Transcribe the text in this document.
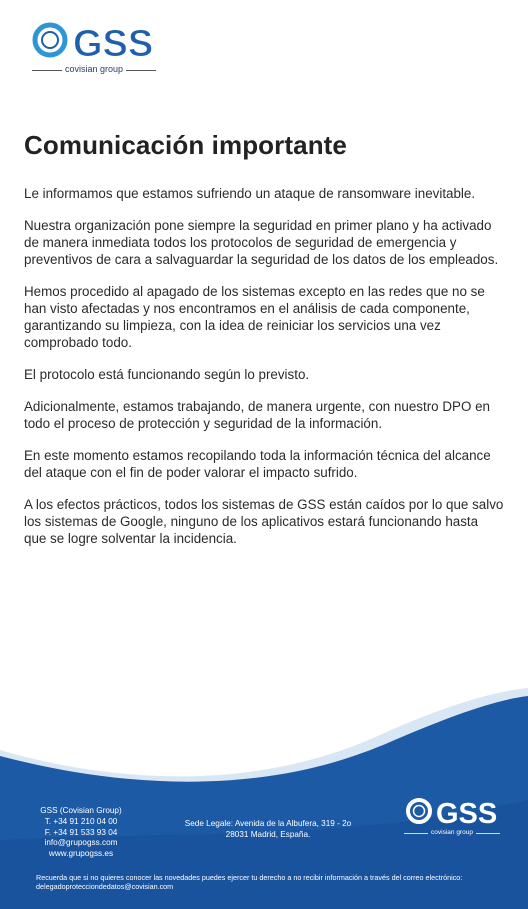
GSS
covisian group
Comunicación importante

Le informamos que estamos sufriendo un ataque de ransomware inevitable.

Nuestra organización pone siempre la seguridad en primer plano y ha activado de manera inmediata todos los protocolos de seguridad de emergencia y preventivos de cara a salvaguardar la seguridad de los datos de los empleados.

Hemos procedido al apagado de los sistemas excepto en las redes que no se han visto afectadas y nos encontramos en el análisis de cada componente, garantizando su limpieza, con la idea de reiniciar los servicios una vez comprobado todo.

El protocolo está funcionando según lo previsto.

Adicionalmente, estamos trabajando, de manera urgente, con nuestro DPO en todo el proceso de protección y seguridad de la información.

En este momento estamos recopilando toda la información técnica del alcance del ataque con el fin de poder valorar el impacto sufrido.

A los efectos prácticos, todos los sistemas de GSS están caídos por lo que salvo los sistemas de Google, ninguno de los aplicativos estará funcionando hasta que se logre solventar la incidencia.

GSS (Covisian Group)
T. +34 91 210 04 00
F. +34 91 533 93 04
info@grupogss.com
www.grupogss.es
Sede Legale: Avenida de la Albufera, 319 - 2o
28031 Madrid, España.
GSS
covisian group
Recuerda que si no quieres conocer las novedades puedes ejercer tu derecho a no recibir información a través del correo electrónico:
delegadoprotecciondedatos@covisian.com
